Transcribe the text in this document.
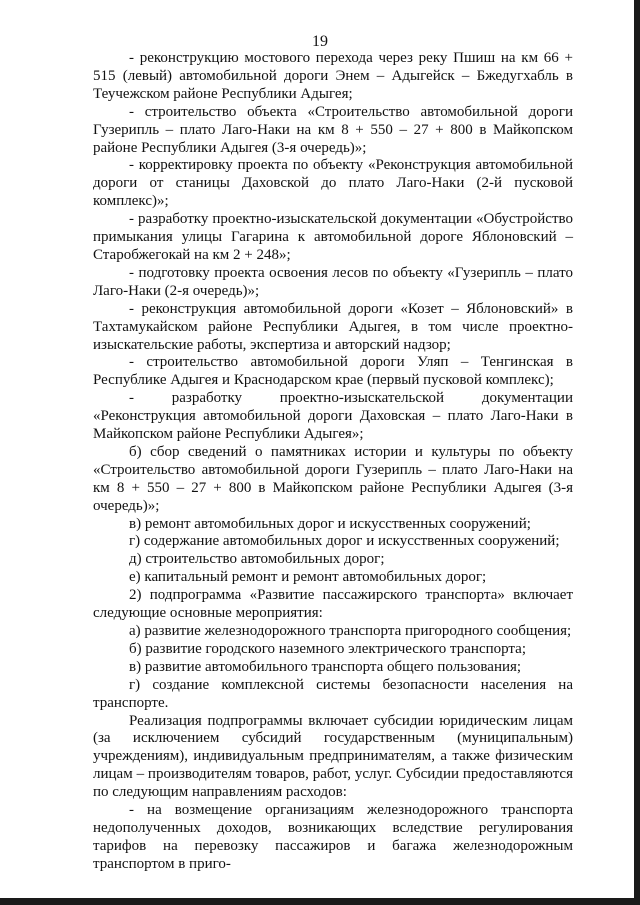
19

- реконструкцию мостового перехода через реку Пшиш на км 66 + 515 (левый) автомобильной дороги Энем – Адыгейск – Бжедугхабль в Теучежском районе Республики Адыгея;

- строительство объекта «Строительство автомобильной дороги Гузерипль – плато Лаго-Наки на км 8 + 550 – 27 + 800 в Майкопском районе Республики Адыгея (3-я очередь)»;

- корректировку проекта по объекту «Реконструкция автомобильной дороги от станицы Даховской до плато Лаго-Наки (2-й пусковой комплекс)»;

- разработку проектно-изыскательской документации «Обустройство примыкания улицы Гагарина к автомобильной дороге Яблоновский – Старобжегокай на км 2 + 248»;

- подготовку проекта освоения лесов по объекту «Гузерипль – плато Лаго-Наки (2-я очередь)»;

- реконструкция автомобильной дороги «Козет – Яблоновский» в Тахтамукайском районе Республики Адыгея, в том числе проектно-изыскательские работы, экспертиза и авторский надзор;

- строительство автомобильной дороги Уляп – Тенгинская в Республике Адыгея и Краснодарском крае (первый пусковой комплекс);

- разработку проектно-изыскательской документации «Реконструкция автомобильной дороги Даховская – плато Лаго-Наки в Майкопском районе Республики Адыгея»;

б) сбор сведений о памятниках истории и культуры по объекту «Строительство автомобильной дороги Гузерипль – плато Лаго-Наки на км 8 + 550 – 27 + 800 в Майкопском районе Республики Адыгея (3-я очередь)»;

в) ремонт автомобильных дорог и искусственных сооружений;

г) содержание автомобильных дорог и искусственных сооружений;

д) строительство автомобильных дорог;

е) капитальный ремонт и ремонт автомобильных дорог;

2) подпрограмма «Развитие пассажирского транспорта» включает следующие основные мероприятия:

а) развитие железнодорожного транспорта пригородного сообщения;

б) развитие городского наземного электрического транспорта;

в) развитие автомобильного транспорта общего пользования;

г) создание комплексной системы безопасности населения на транспорте.

Реализация подпрограммы включает субсидии юридическим лицам (за исключением субсидий государственным (муниципальным) учреждениям), индивидуальным предпринимателям, а также физическим лицам – производителям товаров, работ, услуг. Субсидии предоставляются по следующим направлениям расходов:

- на возмещение организациям железнодорожного транспорта недополученных доходов, возникающих вследствие регулирования тарифов на перевозку пассажиров и багажа железнодорожным транспортом в приго-
